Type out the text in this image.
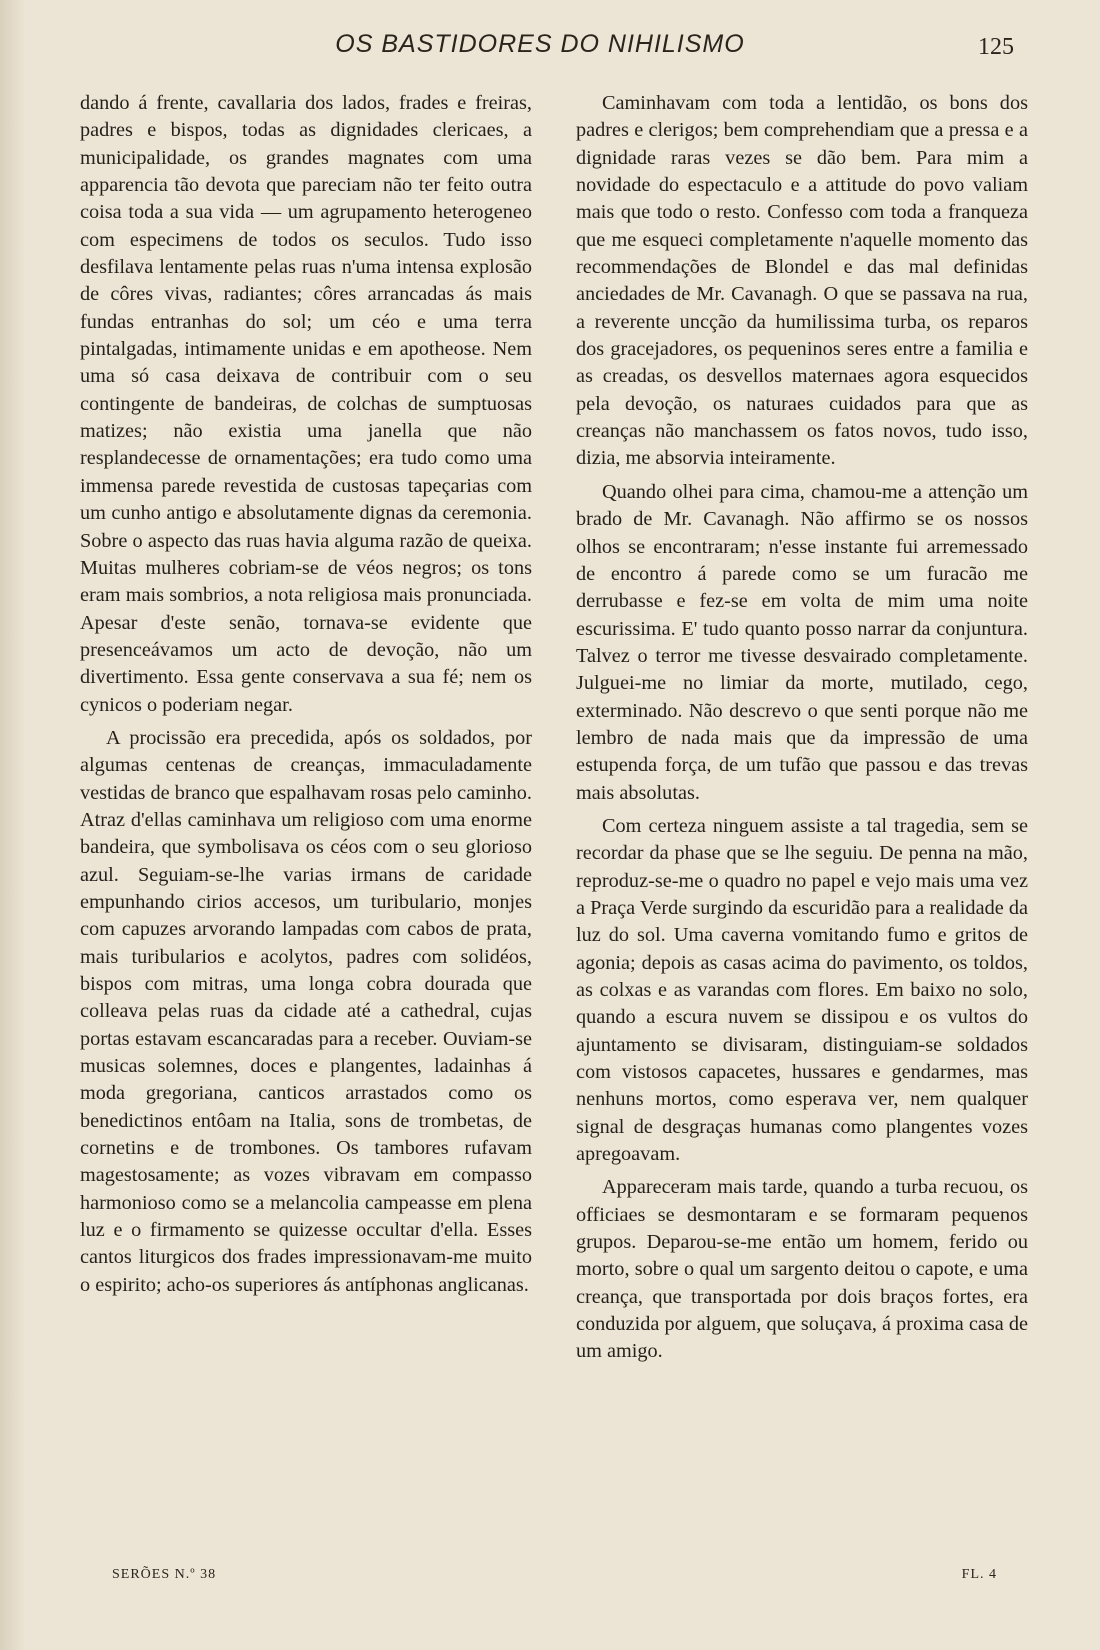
OS BASTIDORES DO NIHILISMO	125

dando á frente, cavallaria dos lados, frades e freiras, padres e bispos, todas as dignidades clericaes, a municipalidade, os grandes magnates com uma apparencia tão devota que pareciam não ter feito outra coisa toda a sua vida — um agrupamento heterogeneo com especimens de todos os seculos. Tudo isso desfilava lentamente pelas ruas n'uma intensa explosão de côres vivas, radiantes; côres arrancadas ás mais fundas entranhas do sol; um céo e uma terra pintalgadas, intimamente unidas e em apotheose. Nem uma só casa deixava de contribuir com o seu contingente de bandeiras, de colchas de sumptuosas matizes; não existia uma janella que não resplandecesse de ornamentações; era tudo como uma immensa parede revestida de custosas tapeçarias com um cunho antigo e absolutamente dignas da ceremonia. Sobre o aspecto das ruas havia alguma razão de queixa. Muitas mulheres cobriam-se de véos negros; os tons eram mais sombrios, a nota religiosa mais pronunciada. Apesar d'este senão, tornava-se evidente que presenceávamos um acto de devoção, não um divertimento. Essa gente conservava a sua fé; nem os cynicos o poderiam negar.

A procissão era precedida, após os soldados, por algumas centenas de creanças, immaculadamente vestidas de branco que espalhavam rosas pelo caminho. Atraz d'ellas caminhava um religioso com uma enorme bandeira, que symbolisava os céos com o seu glorioso azul. Seguiam-se-lhe varias irmans de caridade empunhando cirios accesos, um turibulario, monjes com capuzes arvorando lampadas com cabos de prata, mais turibularios e acolytos, padres com solidéos, bispos com mitras, uma longa cobra dourada que colleava pelas ruas da cidade até a cathedral, cujas portas estavam escancaradas para a receber. Ouviam-se musicas solemnes, doces e plangentes, ladainhas á moda gregoriana, canticos arrastados como os benedictinos entôam na Italia, sons de trombetas, de cornetins e de trombones. Os tambores rufavam magestosamente; as vozes vibravam em compasso harmonioso como se a melancolia campeasse em plena luz e o firmamento se quizesse occultar d'ella. Esses cantos liturgicos dos frades impressionavam-me muito o espirito; acho-os superiores ás antíphonas anglicanas.

Caminhavam com toda a lentidão, os bons dos padres e clerigos; bem comprehendiam que a pressa e a dignidade raras vezes se dão bem. Para mim a novidade do espectaculo e a attitude do povo valiam mais que todo o resto. Confesso com toda a franqueza que me esqueci completamente n'aquelle momento das recommendações de Blondel e das mal definidas anciedades de Mr. Cavanagh. O que se passava na rua, a reverente uncção da humilissima turba, os reparos dos gracejadores, os pequeninos seres entre a familia e as creadas, os desvellos maternaes agora esquecidos pela devoção, os naturaes cuidados para que as creanças não manchassem os fatos novos, tudo isso, dizia, me absorvia inteiramente.

Quando olhei para cima, chamou-me a attenção um brado de Mr. Cavanagh. Não affirmo se os nossos olhos se encontraram; n'esse instante fui arremessado de encontro á parede como se um furacão me derrubasse e fez-se em volta de mim uma noite escurissima. E' tudo quanto posso narrar da conjuntura. Talvez o terror me tivesse desvairado completamente. Julguei-me no limiar da morte, mutilado, cego, exterminado. Não descrevo o que senti porque não me lembro de nada mais que da impressão de uma estupenda força, de um tufão que passou e das trevas mais absolutas.

Com certeza ninguem assiste a tal tragedia, sem se recordar da phase que se lhe seguiu. De penna na mão, reproduz-se-me o quadro no papel e vejo mais uma vez a Praça Verde surgindo da escuridão para a realidade da luz do sol. Uma caverna vomitando fumo e gritos de agonia; depois as casas acima do pavimento, os toldos, as colxas e as varandas com flores. Em baixo no solo, quando a escura nuvem se dissipou e os vultos do ajuntamento se divisaram, distinguiam-se soldados com vistosos capacetes, hussares e gendarmes, mas nenhuns mortos, como esperava ver, nem qualquer signal de desgraças humanas como plangentes vozes apregoavam.

Appareceram mais tarde, quando a turba recuou, os officiaes se desmontaram e se formaram pequenos grupos. Deparou-se-me então um homem, ferido ou morto, sobre o qual um sargento deitou o capote, e uma creança, que transportada por dois braços fortes, era conduzida por alguem, que soluçava, á proxima casa de um amigo.

SERÕES N.º 38	FL. 4
